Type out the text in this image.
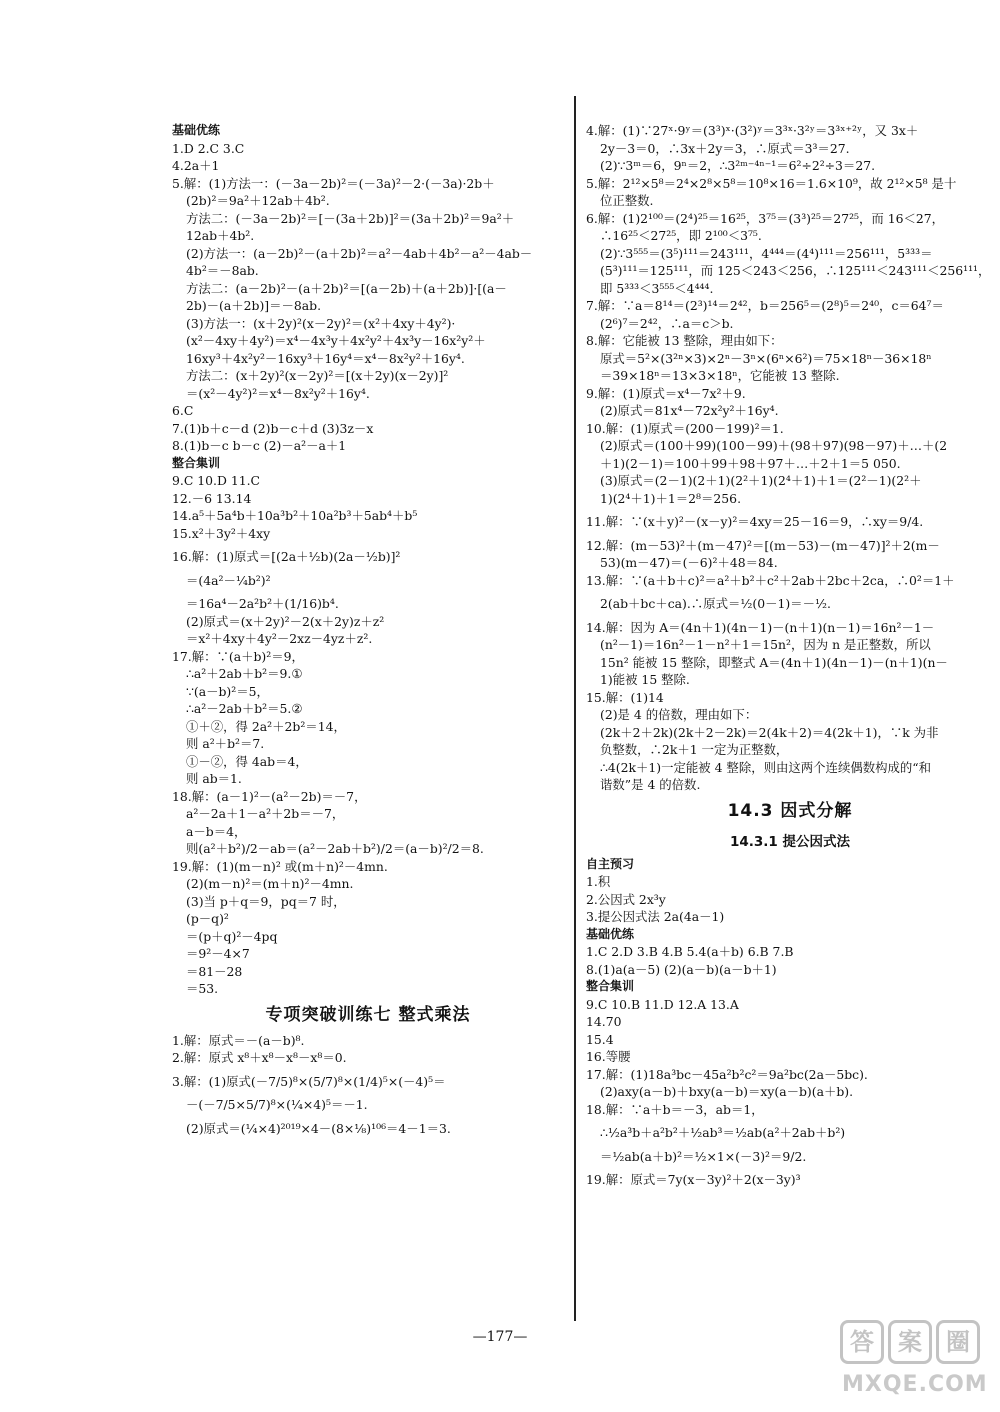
基础优练
1.D 2.C 3.C
4.2a＋1
5.解：(1)方法一：(－3a－2b)²＝(－3a)²－2·(－3a)·2b＋
(2b)²＝9a²＋12ab＋4b².
方法二：(－3a－2b)²＝[－(3a＋2b)]²＝(3a＋2b)²＝9a²＋
12ab＋4b².
(2)方法一：(a－2b)²－(a＋2b)²＝a²－4ab＋4b²－a²－4ab－
4b²＝－8ab.
方法二：(a－2b)²－(a＋2b)²＝[(a－2b)＋(a＋2b)]·[(a－
2b)－(a＋2b)]＝－8ab.
(3)方法一：(x＋2y)²(x－2y)²＝(x²＋4xy＋4y²)·
(x²－4xy＋4y²)＝x⁴－4x³y＋4x²y²＋4x³y－16x²y²＋
16xy³＋4x²y²－16xy³＋16y⁴＝x⁴－8x²y²＋16y⁴.
方法二：(x＋2y)²(x－2y)²＝[(x＋2y)(x－2y)]²
＝(x²－4y²)²＝x⁴－8x²y²＋16y⁴.
6.C
7.(1)b＋c－d (2)b－c＋d (3)3z－x
8.(1)b－c b－c (2)－a²－a＋1
整合集训
9.C 10.D 11.C
12.－6 13.14
14.a⁵＋5a⁴b＋10a³b²＋10a²b³＋5ab⁴＋b⁵
15.x²＋3y²＋4xy
16.解：(1)原式＝[(2a＋½b)(2a－½b)]²
＝(4a²－¼b²)²
＝16a⁴－2a²b²＋(1/16)b⁴.
(2)原式＝(x＋2y)²－2(x＋2y)z＋z²
＝x²＋4xy＋4y²－2xz－4yz＋z².
17.解：∵(a＋b)²＝9，
∴a²＋2ab＋b²＝9.①
∵(a－b)²＝5，
∴a²－2ab＋b²＝5.②
①＋②，得 2a²＋2b²＝14，
则 a²＋b²＝7.
①－②，得 4ab＝4，
则 ab＝1.
18.解：(a－1)²－(a²－2b)＝－7，
a²－2a＋1－a²＋2b＝－7，
a－b＝4，
则(a²＋b²)/2－ab＝(a²－2ab＋b²)/2＝(a－b)²/2＝8.
19.解：(1)(m－n)² 或(m＋n)²－4mn.
(2)(m－n)²＝(m＋n)²－4mn.
(3)当 p＋q＝9，pq＝7 时，
(p－q)²
＝(p＋q)²－4pq
＝9²－4×7
＝81－28
＝53.
专项突破训练七 整式乘法
1.解：原式＝－(a－b)⁸.
2.解：原式 x⁸＋x⁸－x⁸－x⁸＝0.
3.解：(1)原式(－7/5)⁸×(5/7)⁸×(1/4)⁵×(－4)⁵＝
－(－7/5×5/7)⁸×(¼×4)⁵＝－1.
(2)原式＝(¼×4)²⁰¹⁹×4－(8×⅛)¹⁰⁶＝4－1＝3.
4.解：(1)∵27ˣ·9ʸ＝(3³)ˣ·(3²)ʸ＝3³ˣ·3²ʸ＝3³ˣ⁺²ʸ，又 3x＋
2y－3＝0，∴3x＋2y＝3，∴原式＝3³＝27.
(2)∵3ᵐ＝6，9ⁿ＝2，∴3²ᵐ⁻⁴ⁿ⁻¹＝6²÷2²÷3＝27.
5.解：2¹²×5⁸＝2⁴×2⁸×5⁸＝10⁸×16＝1.6×10⁹，故 2¹²×5⁸ 是十
位正整数.
6.解：(1)2¹⁰⁰＝(2⁴)²⁵＝16²⁵，3⁷⁵＝(3³)²⁵＝27²⁵，而 16＜27，
∴16²⁵＜27²⁵，即 2¹⁰⁰＜3⁷⁵.
(2)∵3⁵⁵⁵＝(3⁵)¹¹¹＝243¹¹¹，4⁴⁴⁴＝(4⁴)¹¹¹＝256¹¹¹，5³³³＝
(5³)¹¹¹＝125¹¹¹，而 125＜243＜256，∴125¹¹¹＜243¹¹¹＜256¹¹¹，
即 5³³³＜3⁵⁵⁵＜4⁴⁴⁴.
7.解：∵a＝8¹⁴＝(2³)¹⁴＝2⁴²，b＝256⁵＝(2⁸)⁵＝2⁴⁰，c＝64⁷＝
(2⁶)⁷＝2⁴²，∴a＝c＞b.
8.解：它能被 13 整除，理由如下：
原式＝5²×(3²ⁿ×3)×2ⁿ－3ⁿ×(6ⁿ×6²)＝75×18ⁿ－36×18ⁿ
＝39×18ⁿ＝13×3×18ⁿ，它能被 13 整除.
9.解：(1)原式＝x⁴－7x²＋9.
(2)原式＝81x⁴－72x²y²＋16y⁴.
10.解：(1)原式＝(200－199)²＝1.
(2)原式＝(100＋99)(100－99)＋(98＋97)(98－97)＋…＋(2
＋1)(2－1)＝100＋99＋98＋97＋…＋2＋1＝5 050.
(3)原式＝(2－1)(2＋1)(2²＋1)(2⁴＋1)＋1＝(2²－1)(2²＋
1)(2⁴＋1)＋1＝2⁸＝256.
11.解：∵(x＋y)²－(x－y)²＝4xy＝25－16＝9，∴xy＝9/4.
12.解：(m－53)²＋(m－47)²＝[(m－53)－(m－47)]²＋2(m－
53)(m－47)＝(－6)²＋48＝84.
13.解：∵(a＋b＋c)²＝a²＋b²＋c²＋2ab＋2bc＋2ca，∴0²＝1＋
2(ab＋bc＋ca).∴原式＝½(0－1)＝－½.
14.解：因为 A＝(4n＋1)(4n－1)－(n＋1)(n－1)＝16n²－1－
(n²－1)＝16n²－1－n²＋1＝15n²，因为 n 是正整数，所以
15n² 能被 15 整除，即整式 A＝(4n＋1)(4n－1)－(n＋1)(n－
1)能被 15 整除.
15.解：(1)14
(2)是 4 的倍数，理由如下：
(2k＋2＋2k)(2k＋2－2k)＝2(4k＋2)＝4(2k＋1)，∵k 为非
负整数，∴2k＋1 一定为正整数，
∴4(2k＋1)一定能被 4 整除，则由这两个连续偶数构成的“和
谐数”是 4 的倍数.
14.3 因式分解
14.3.1 提公因式法
自主预习
1.积
2.公因式 2x³y
3.提公因式法 2a(4a－1)
基础优练
1.C 2.D 3.B 4.B 5.4(a＋b) 6.B 7.B
8.(1)a(a－5) (2)(a－b)(a－b＋1)
整合集训
9.C 10.B 11.D 12.A 13.A
14.70
15.4
16.等腰
17.解：(1)18a³bc－45a²b²c²＝9a²bc(2a－5bc).
(2)axy(a－b)＋bxy(a－b)＝xy(a－b)(a＋b).
18.解：∵a＋b＝－3，ab＝1，
∴½a³b＋a²b²＋½ab³＝½ab(a²＋2ab＋b²)
＝½ab(a＋b)²＝½×1×(－3)²＝9/2.
19.解：原式＝7y(x－3y)²＋2(x－3y)³
—177—	答	案	圈
MXQE.COM
